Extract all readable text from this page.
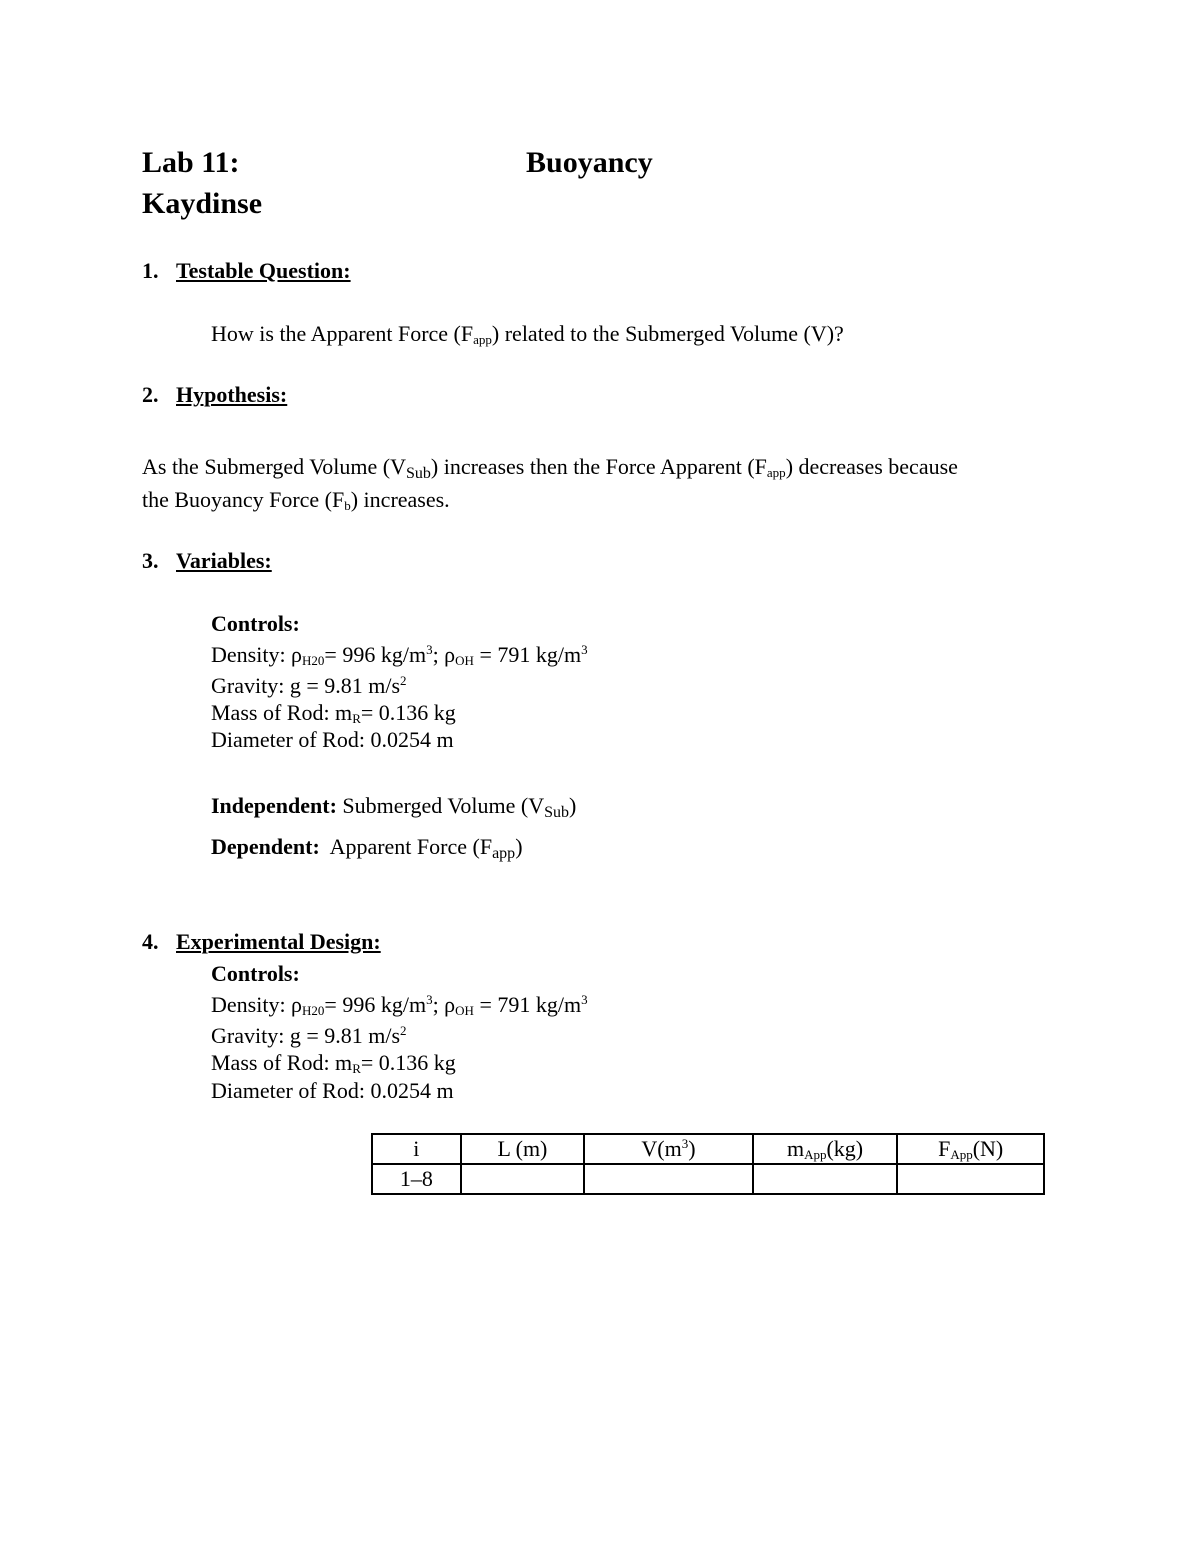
Lab 11:	Buoyancy
Kaydinse
1. Testable Question:
How is the Apparent Force $(F_{app})$ related to the Submerged Volume (V)?
2. Hypothesis:
As the Submerged Volume $(V_{Sub})$ increases then the Force Apparent $(F_{app})$ decreases because
the Buoyancy Force $(F_b)$ increases.
3. Variables:
Controls:
Density: $\rho_{H20}= 996$ $kg/m^3$; $\rho_{OH} = 791$ $kg/m^3$
Gravity: g = 9.81 $m/s^2$
Mass of Rod: $m_R= 0.136$ kg
Diameter of Rod: 0.0254 m
Independent: Submerged Volume $(V_{Sub})$
Dependent:  Apparent Force $(F_{app})$
4. Experimental Design:
Controls:
Density: $\rho_{H20}= 996$ $kg/m^3$; $\rho_{OH} = 791$ $kg/m^3$
Gravity: g = 9.81 $m/s^2$
Mass of Rod: $m_R= 0.136$ kg
Diameter of Rod: 0.0254 m
i	L (m)	$V(m^3)$	$m_{App}(kg)$	$F_{App}(N)$
1–8				
